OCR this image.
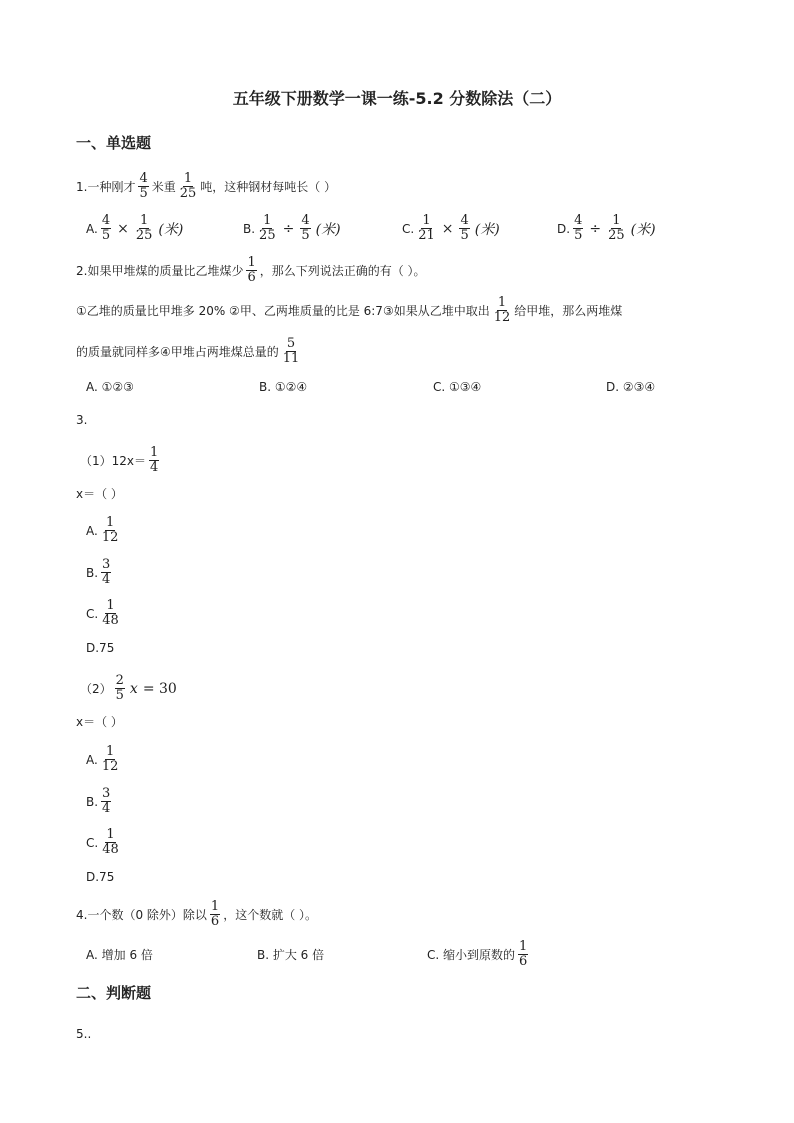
五年级下册数学一课一练-5.2 分数除法（二）
一、单选题
1.一种刚才 $\frac{4}{5}$ 米重 $\frac{1}{25}$ 吨，这种钢材每吨长（ ）
A. $\frac{4}{5} \times \frac{1}{25}$ (米)	B. $\frac{1}{25} \div \frac{4}{5}$ (米)	C. $\frac{1}{21} \times \frac{4}{5}$ (米)	D. $\frac{4}{5} \div \frac{1}{25}$ (米)
2.如果甲堆煤的质量比乙堆煤少 $\frac{1}{6}$ ，那么下列说法正确的有（ ）。
①乙堆的质量比甲堆多 20% ②甲、乙两堆质量的比是 6:7③如果从乙堆中取出 $\frac{1}{12}$ 给甲堆，那么两堆煤
的质量就同样多④甲堆占两堆煤总量的 $\frac{5}{11}$
A. ①②③	B. ①②④	C. ①③④	D. ②③④
3.
$(1)12x= \frac{1}{4}$
x＝（ ）
A. $\frac{1}{12}$
B. $\frac{3}{4}$
C. $\frac{1}{48}$
D.75
$(2) \frac{2}{5}$ x = 30
x＝（ ）
A. $\frac{1}{12}$
B. $\frac{3}{4}$
C. $\frac{1}{48}$
D.75
4.一个数（0 除外）除以 $\frac{1}{6}$ ，这个数就（ ）。
A. 增加 6 倍	B. 扩大 6 倍	C. 缩小到原数的 $\frac{1}{6}$
二、判断题
5..
